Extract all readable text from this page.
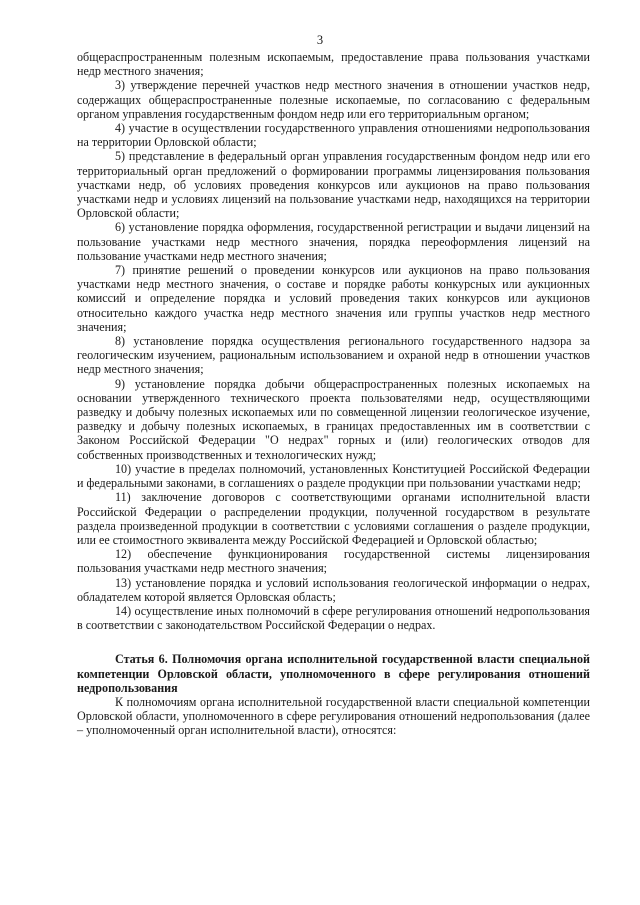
3

общераспространенным полезным ископаемым, предоставление права пользования участками недр местного значения;

3) утверждение перечней участков недр местного значения в отношении участков недр, содержащих общераспространенные полезные ископаемые, по согласованию с федеральным органом управления государственным фондом недр или его территориальным органом;

4) участие в осуществлении государственного управления отношениями недропользования на территории Орловской области;

5) представление в федеральный орган управления государственным фондом недр или его территориальный орган предложений о формировании программы лицензирования пользования участками недр, об условиях проведения конкурсов или аукционов на право пользования участками недр и условиях лицензий на пользование участками недр, находящихся на территории Орловской области;

6) установление порядка оформления, государственной регистрации и выдачи лицензий на пользование участками недр местного значения, порядка переоформления лицензий на пользование участками недр местного значения;

7) принятие решений о проведении конкурсов или аукционов на право пользования участками недр местного значения, о составе и порядке работы конкурсных или аукционных комиссий и определение порядка и условий проведения таких конкурсов или аукционов относительно каждого участка недр местного значения или группы участков недр местного значения;

8) установление порядка осуществления регионального государственного надзора за геологическим изучением, рациональным использованием и охраной недр в отношении участков недр местного значения;

9) установление порядка добычи общераспространенных полезных ископаемых на основании утвержденного технического проекта пользователями недр, осуществляющими разведку и добычу полезных ископаемых или по совмещенной лицензии геологическое изучение, разведку и добычу полезных ископаемых, в границах предоставленных им в соответствии с Законом Российской Федерации "О недрах" горных и (или) геологических отводов для собственных производственных и технологических нужд;

10) участие в пределах полномочий, установленных Конституцией Российской Федерации и федеральными законами, в соглашениях о разделе продукции при пользовании участками недр;

11) заключение договоров с соответствующими органами исполнительной власти Российской Федерации о распределении продукции, полученной государством в результате раздела произведенной продукции в соответствии с условиями соглашения о разделе продукции, или ее стоимостного эквивалента между Российской Федерацией и Орловской областью;

12) обеспечение функционирования государственной системы лицензирования пользования участками недр местного значения;

13) установление порядка и условий использования геологической информации о недрах, обладателем которой является Орловская область;

14) осуществление иных полномочий в сфере регулирования отношений недропользования в соответствии с законодательством Российской Федерации о недрах.

Статья 6. Полномочия органа исполнительной государственной власти специальной компетенции Орловской области, уполномоченного в сфере регулирования отношений недропользования

К полномочиям органа исполнительной государственной власти специальной компетенции Орловской области, уполномоченного в сфере регулирования отношений недропользования (далее – уполномоченный орган исполнительной власти), относятся:
